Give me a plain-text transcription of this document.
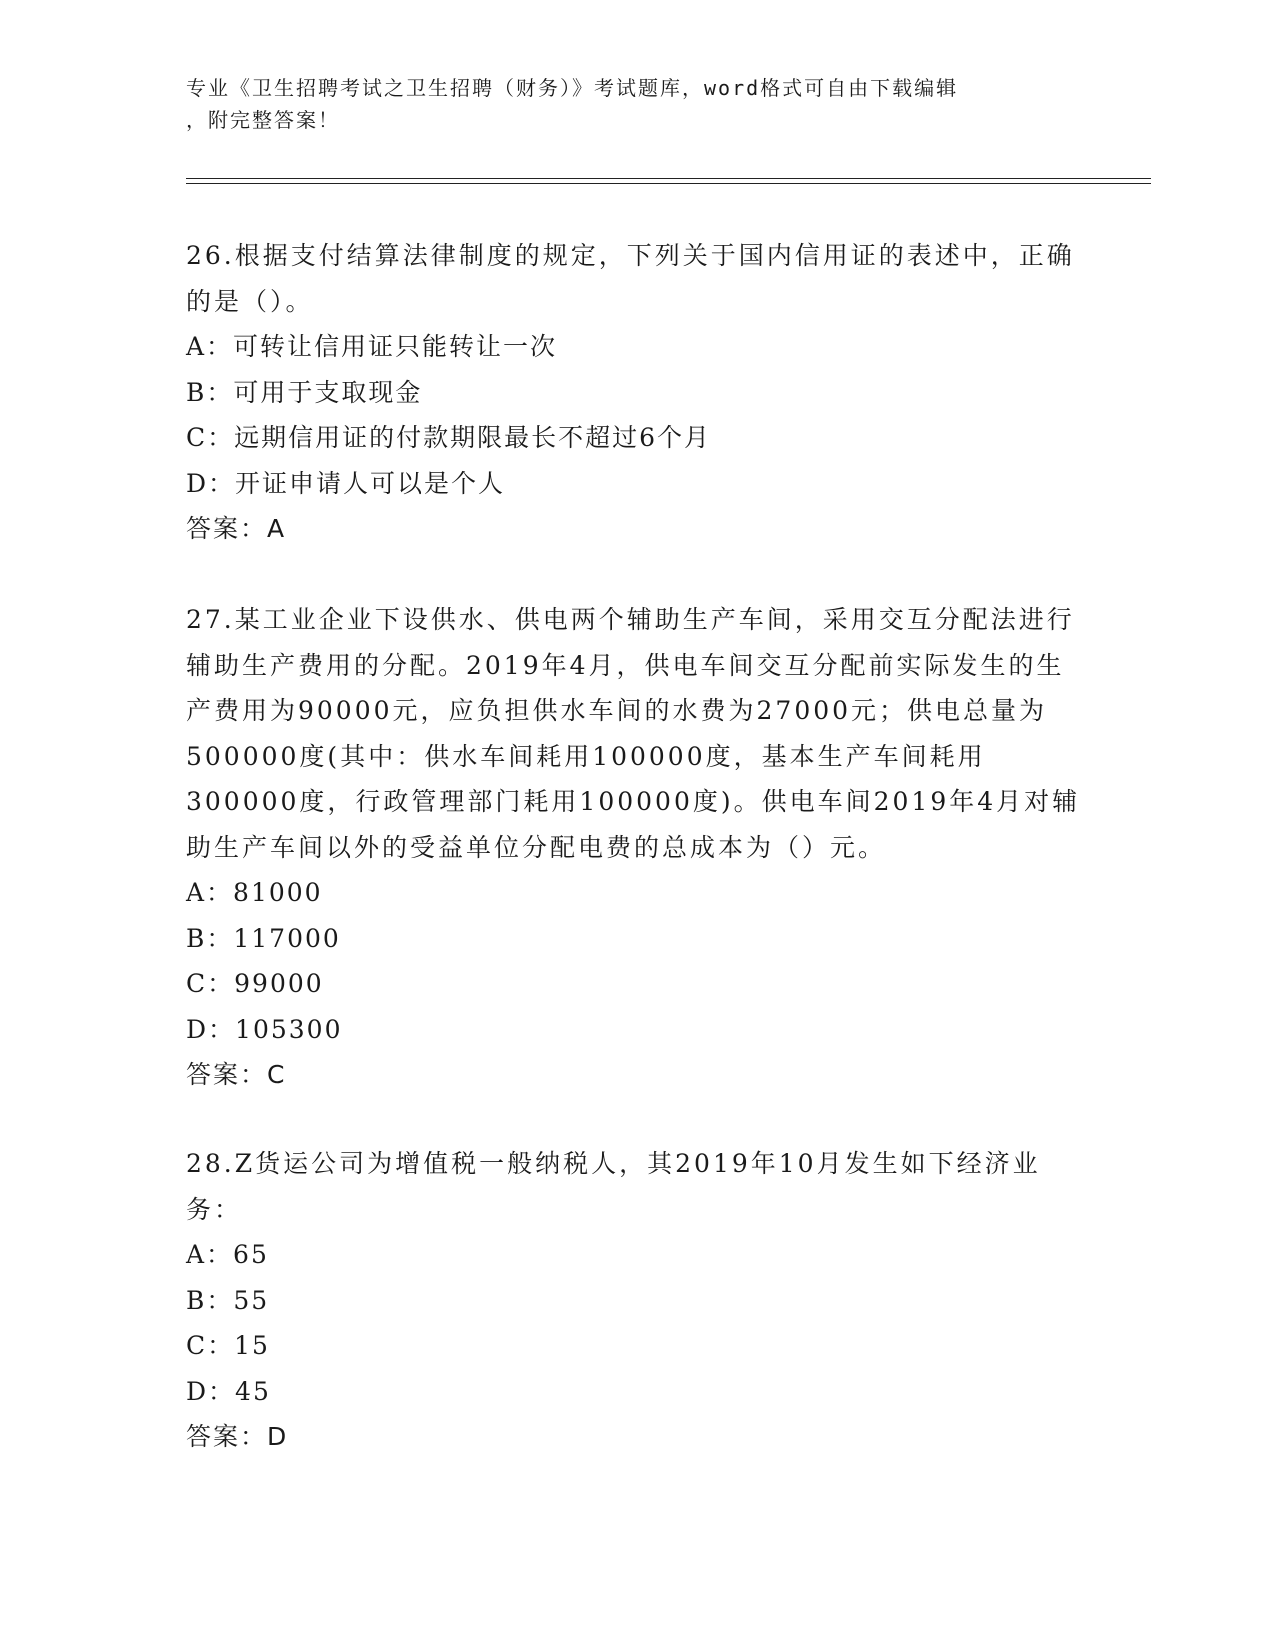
专业《卫生招聘考试之卫生招聘（财务）》考试题库，word格式可自由下载编辑
，附完整答案！

26.根据支付结算法律制度的规定，下列关于国内信用证的表述中，正确的是（）。

A：可转让信用证只能转让一次

B：可用于支取现金

C：远期信用证的付款期限最长不超过6个月

D：开证申请人可以是个人

答案：A

27.某工业企业下设供水、供电两个辅助生产车间，采用交互分配法进行辅助生产费用的分配。2019年4月，供电车间交互分配前实际发生的生产费用为90000元，应负担供水车间的水费为27000元；供电总量为500000度(其中：供水车间耗用100000度，基本生产车间耗用300000度，行政管理部门耗用100000度)。供电车间2019年4月对辅助生产车间以外的受益单位分配电费的总成本为（）元。

A：81000

B：117000

C：99000

D：105300

答案：C

28.Z货运公司为增值税一般纳税人，其2019年10月发生如下经济业务：

A：65

B：55

C：15

D：45

答案：D
